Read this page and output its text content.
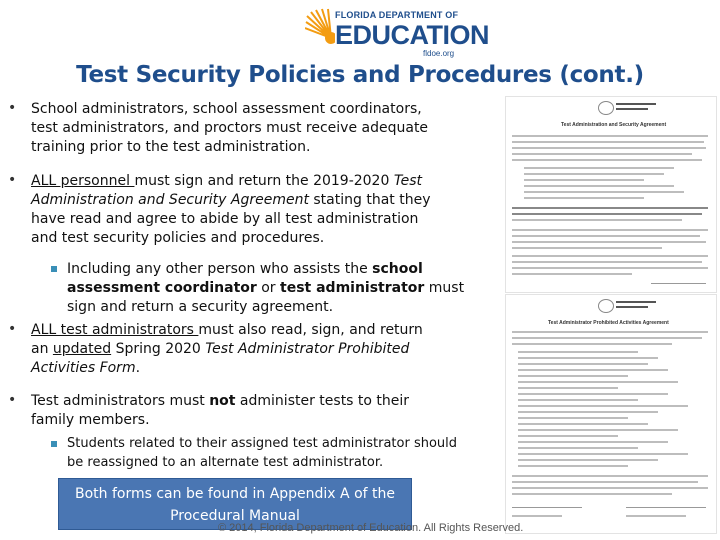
FLORIDA DEPARTMENT OF
EDUCATION
fldoe.org
Test Security Policies and Procedures (cont.)
• School administrators, school assessment coordinators,
test administrators, and proctors must receive adequate
training prior to the test administration.
• ALL personnel must sign and return the 2019-2020 Test
Administration and Security Agreement stating that they
have read and agree to abide by all test administration
and test security policies and procedures.
Including any other person who assists the school
assessment coordinator or test administrator must
sign and return a security agreement.
• ALL test administrators must also read, sign, and return
an updated Spring 2020 Test Administrator Prohibited
Activities Form.
• Test administrators must not administer tests to their
family members.
Students related to their assigned test administrator should
be reassigned to an alternate test administrator.
Test Administration and Security Agreement
Test Administrator Prohibited Activities Agreement
Both forms can be found in Appendix A of the
Procedural Manual
© 2014, Florida Department of Education. All Rights Reserved.
